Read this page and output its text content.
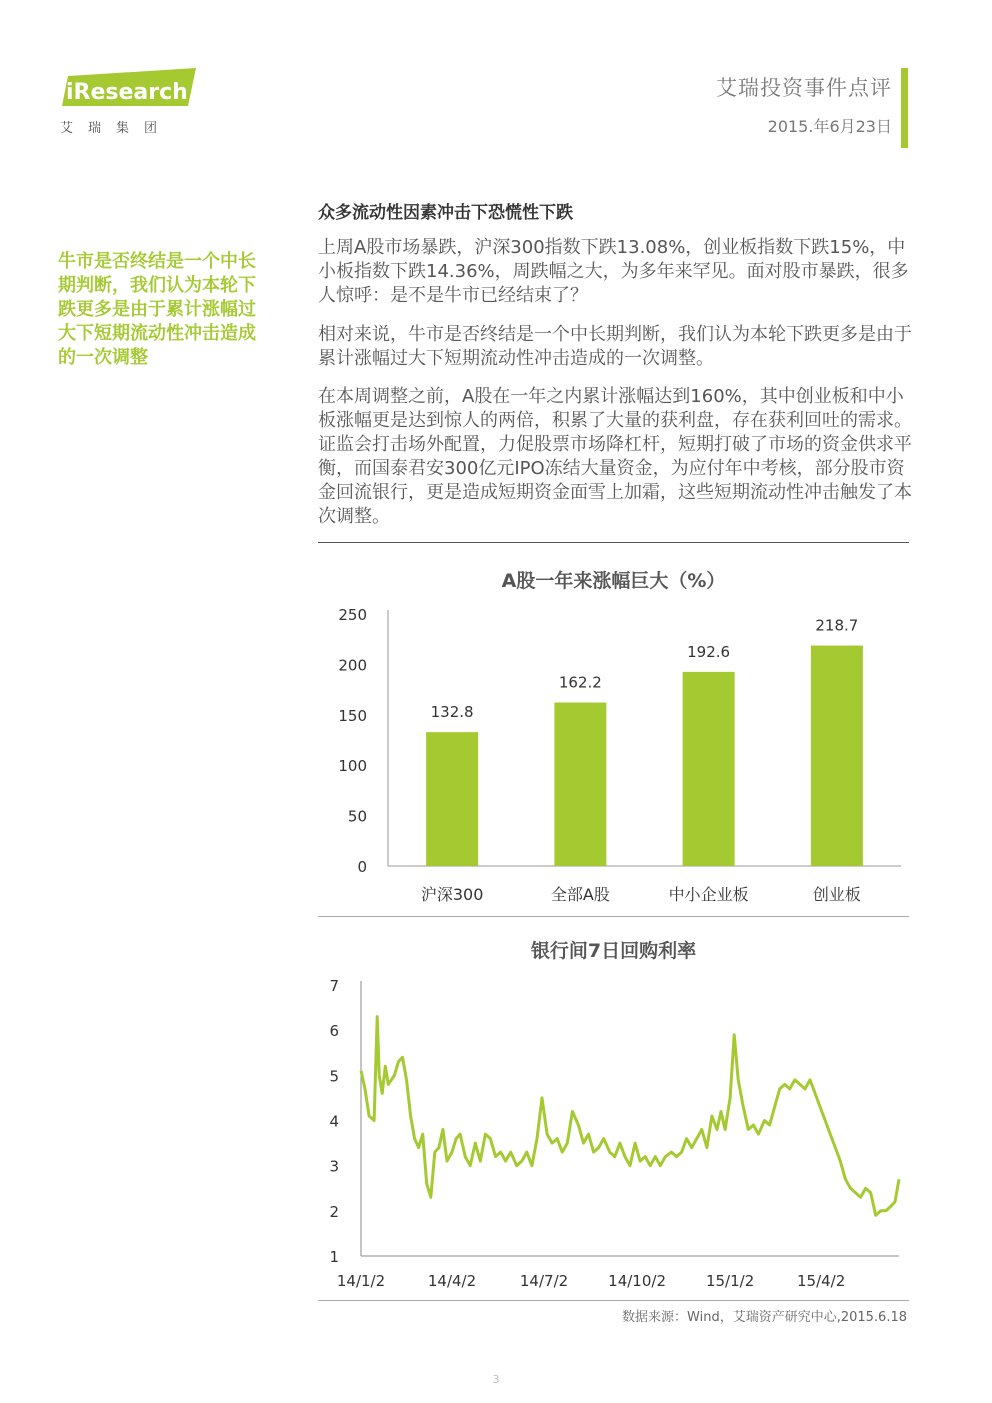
iResearch
艾瑞集团
艾瑞投资事件点评
2015.年6月23日
牛市是否终结是一个中长期判断，我们认为本轮下跌更多是由于累计涨幅过大下短期流动性冲击造成的一次调整
众多流动性因素冲击下恐慌性下跌

上周A股市场暴跌，沪深300指数下跌13.08%，创业板指数下跌15%，中小板指数下跌14.36%，周跌幅之大，为多年来罕见。面对股市暴跌，很多人惊呼：是不是牛市已经结束了？

相对来说，牛市是否终结是一个中长期判断，我们认为本轮下跌更多是由于累计涨幅过大下短期流动性冲击造成的一次调整。

在本周调整之前，A股在一年之内累计涨幅达到160%，其中创业板和中小板涨幅更是达到惊人的两倍，积累了大量的获利盘，存在获利回吐的需求。证监会打击场外配置，力促股票市场降杠杆，短期打破了市场的资金供求平衡，而国泰君安300亿元IPO冻结大量资金，为应付年中考核，部分股市资金回流银行，更是造成短期资金面雪上加霜，这些短期流动性冲击触发了本次调整。

A股一年来涨幅巨大（%）
0
50
100
150
200
250
132.8
沪深300
162.2
全部A股
192.6
中小企业板
218.7
创业板
银行间7日回购利率
1
2
3
4
5
6
7
14/1/2	14/4/2	14/7/2	14/10/2	15/1/2	15/4/2
数据来源：Wind，艾瑞资产研究中心,2015.6.18
3
